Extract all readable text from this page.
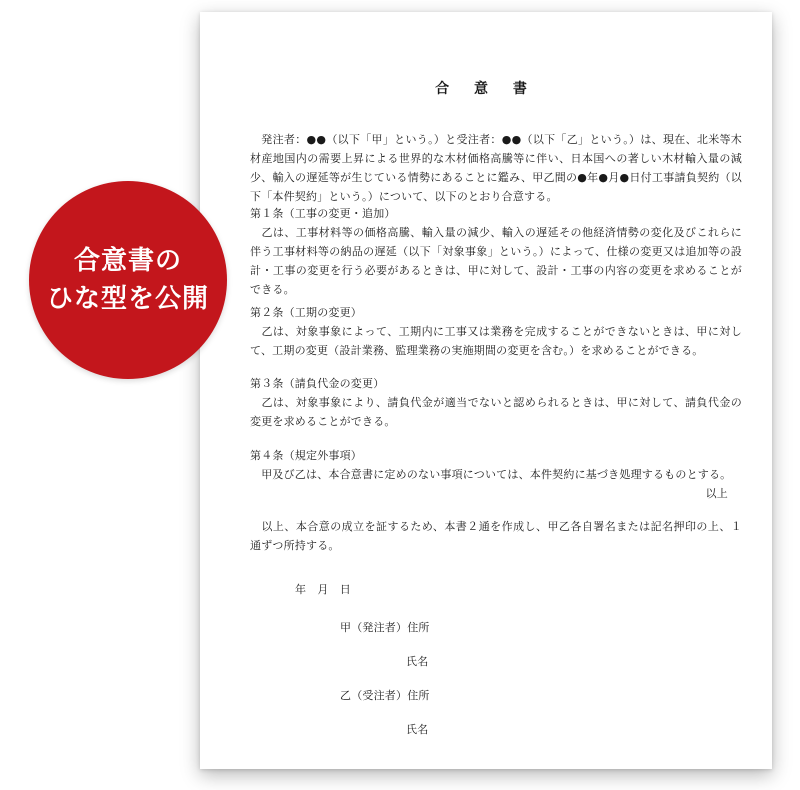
合 意 書

　発注者：●●（以下「甲」という。）と受注者：●●（以下「乙」という。）は、現在、北米等木材産地国内の需要上昇による世界的な木材価格高騰等に伴い、日本国への著しい木材輸入量の減少、輸入の遅延等が生じている情勢にあることに鑑み、甲乙間の●年●月●日付工事請負契約（以下「本件契約」という。）について、以下のとおり合意する。

第１条（工事の変更・追加）

　乙は、工事材料等の価格高騰、輸入量の減少、輸入の遅延その他経済情勢の変化及びこれらに伴う工事材料等の納品の遅延（以下「対象事象」という。）によって、仕様の変更又は追加等の設計・工事の変更を行う必要があるときは、甲に対して、設計・工事の内容の変更を求めることができる。

第２条（工期の変更）

　乙は、対象事象によって、工期内に工事又は業務を完成することができないときは、甲に対して、工期の変更（設計業務、監理業務の実施期間の変更を含む。）を求めることができる。

第３条（請負代金の変更）

　乙は、対象事象により、請負代金が適当でないと認められるときは、甲に対して、請負代金の変更を求めることができる。

第４条（規定外事項）

　甲及び乙は、本合意書に定めのない事項については、本件契約に基づき処理するものとする。

以上

　以上、本合意の成立を証するため、本書２通を作成し、甲乙各自署名または記名押印の上、１通ずつ所持する。

年　月　日

甲（発注者）住所

氏名

乙（受注者）住所

氏名

合意書の
ひな型を公開
